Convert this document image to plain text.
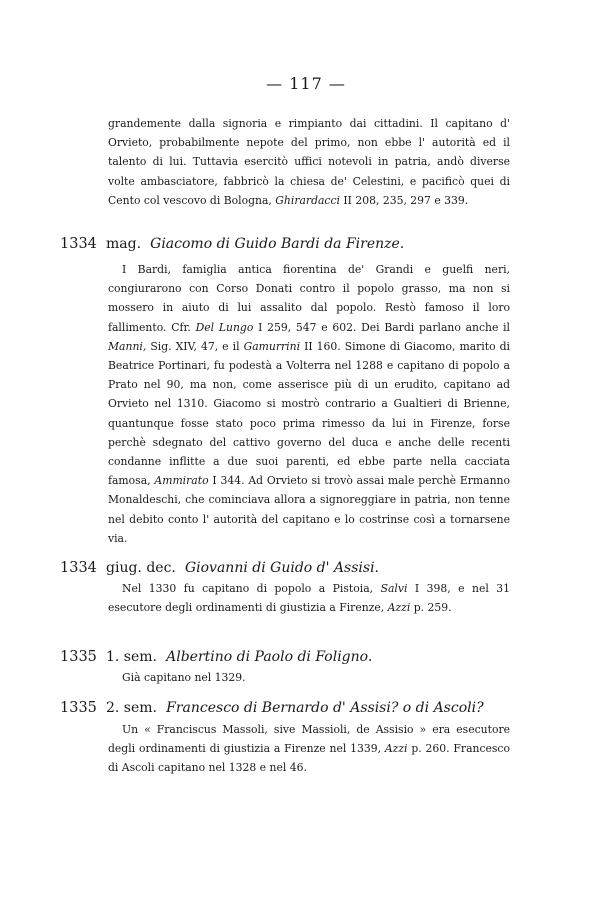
— 117 —

grandemente dalla signoria e rimpianto dai cittadini. Il capitano d' Orvieto, probabilmente nepote del primo, non ebbe l' autorità ed il talento di lui. Tuttavia esercitò uffici notevoli in patria, andò diverse volte ambasciatore, fabbricò la chiesa de' Celestini, e pacificò quei di Cento col vescovo di Bologna, Ghirardacci II 208, 235, 297 e 339.

1334 mag. Giacomo di Guido Bardi da Firenze.

I Bardi, famiglia antica fiorentina de' Grandi e guelfi neri, congiurarono con Corso Donati contro il popolo grasso, ma non si mossero in aiuto di lui assalito dal popolo. Restò famoso il loro fallimento. Cfr. Del Lungo I 259, 547 e 602. Dei Bardi parlano anche il Manni, Sig. XIV, 47, e il Gamurrini II 160. Simone di Giacomo, marito di Beatrice Portinari, fu podestà a Volterra nel 1288 e capitano di popolo a Prato nel 90, ma non, come asserisce più di un erudito, capitano ad Orvieto nel 1310. Giacomo si mostrò contrario a Gualtieri di Brienne, quantunque fosse stato poco prima rimesso da lui in Firenze, forse perchè sdegnato del cattivo governo del duca e anche delle recenti condanne inflitte a due suoi parenti, ed ebbe parte nella cacciata famosa, Ammirato I 344. Ad Orvieto si trovò assai male perchè Ermanno Monaldeschi, che cominciava allora a signoreggiare in patria, non tenne nel debito conto l' autorità del capitano e lo costrinse così a tornarsene via.

1334 giug. dec. Giovanni di Guido d' Assisi.

Nel 1330 fu capitano di popolo a Pistoia, Salvi I 398, e nel 31 esecutore degli ordinamenti di giustizia a Firenze, Azzi p. 259.

1335 1. sem. Albertino di Paolo di Foligno.

Già capitano nel 1329.

1335 2. sem. Francesco di Bernardo d' Assisi? o di Ascoli?

Un « Franciscus Massoli, sive Massioli, de Assisio » era esecutore degli ordinamenti di giustizia a Firenze nel 1339, Azzi p. 260. Francesco di Ascoli capitano nel 1328 e nel 46.
